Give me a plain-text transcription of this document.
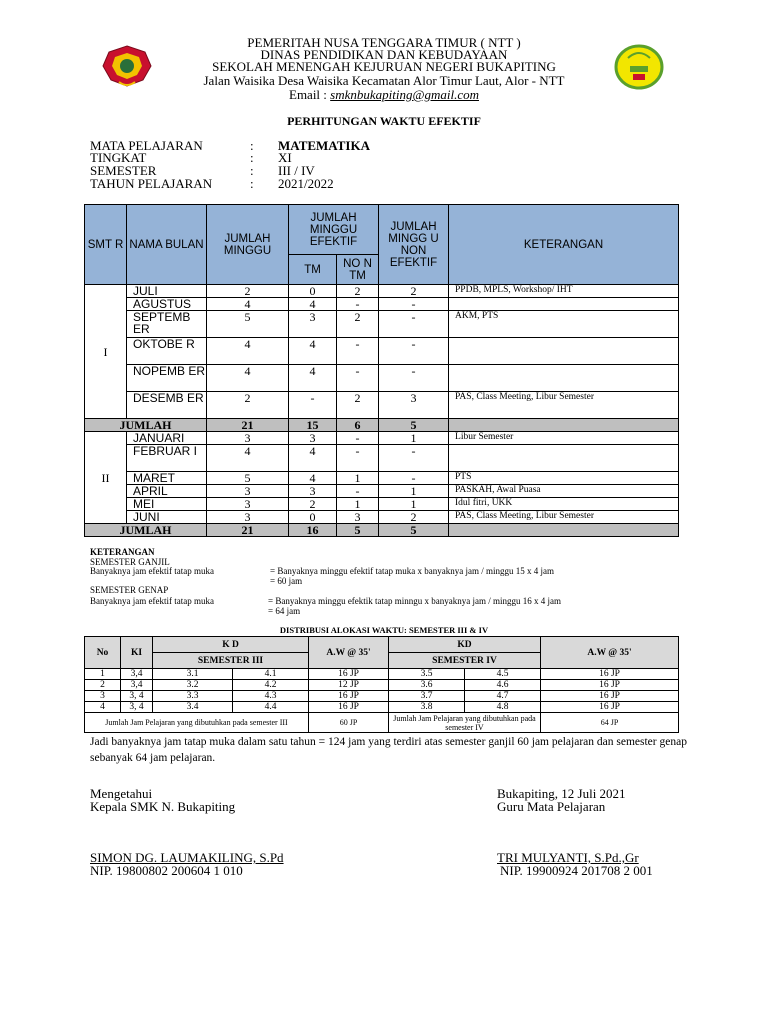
PEMERITAH NUSA TENGGARA TIMUR ( NTT )
DINAS PENDIDIKAN DAN KEBUDAYAAN
SEKOLAH MENENGAH KEJURUAN NEGERI BUKAPITING
Jalan Waisika Desa Waisika Kecamatan Alor Timur Laut, Alor - NTT
Email : smknbukapiting@gmail.com
PERHITUNGAN WAKTU EFEKTIF
MATA PELAJARAN	: MATEMATIKA
TINGKAT	: XI
SEMESTER	: III / IV
TAHUN PELAJARAN	: 2021/2022
SMT R	NAMA BULAN	JUMLAH MINGGU	JUMLAH MINGGU EFEKTIF		JUMLAH MINGG U NON EFEKTIF	KETERANGAN
			TM	NO N TM		
I	JULI	2	0	2	2	PPDB, MPLS, Workshop/ IHT
	AGUSTUS	4	4	-	-	
	SEPTEMB ER	5	3	2	-	AKM, PTS
	OKTOBE R	4	4	-	-	
	NOPEMB ER	4	4	-	-	
	DESEMB ER	2	-	2	3	PAS, Class Meeting, Libur Semester
JUMLAH		21	15	6	5	
II	JANUARI	3	3	-	1	Libur Semester
	FEBRUAR I	4	4	-	-	
	MARET	5	4	1	-	PTS
	APRIL	3	3	-	1	PASKAH, Awal Puasa
	MEI	3	2	1	1	Idul fitri, UKK
	JUNI	3	0	3	2	PAS, Class Meeting, Libur Semester
JUMLAH		21	16	5	5	
KETERANGAN
SEMESTER GANJIL
Banyaknya jam efektif tatap muka	= Banyaknya minggu efektif tatap muka x banyaknya jam / minggu 15 x 4 jam
= 60 jam
SEMESTER GENAP
Banyaknya jam efektif tatap muka	= Banyaknya minggu efektik tatap minngu x banyaknya jam / minggu 16 x 4 jam
= 64 jam
DISTRIBUSI ALOKASI WAKTU: SEMESTER III & IV
No	KI	K D		A.W @ 35'	KD		A.W @ 35'
		SEMESTER III			SEMESTER IV		
1	3,4	3.1	4.1	16 JP	3.5	4.5	16 JP
2	3,4	3.2	4.2	12 JP	3.6	4.6	16 JP
3	3, 4	3.3	4.3	16 JP	3.7	4.7	16 JP
4	3, 4	3.4	4.4	16 JP	3.8	4.8	16 JP
Jumlah Jam Pelajaran yang dibutuhkan pada semester III				60 JP	Jumlah Jam Pelajaran yang dibutuhkan pada semester IV		64 JP
Jadi banyaknya jam tatap muka dalam satu tahun = 124 jam yang terdiri atas semester ganjil 60 jam pelajaran dan semester genap sebanyak 64 jam pelajaran.
Mengetahui
Kepala SMK N. Bukapiting
SIMON DG. LAUMAKILING, S.Pd
NIP. 19800802 200604 1 010
Bukapiting, 12 Juli 2021
Guru Mata Pelajaran
TRI MULYANTI, S.Pd.,Gr
NIP. 19900924 201708 2 001
